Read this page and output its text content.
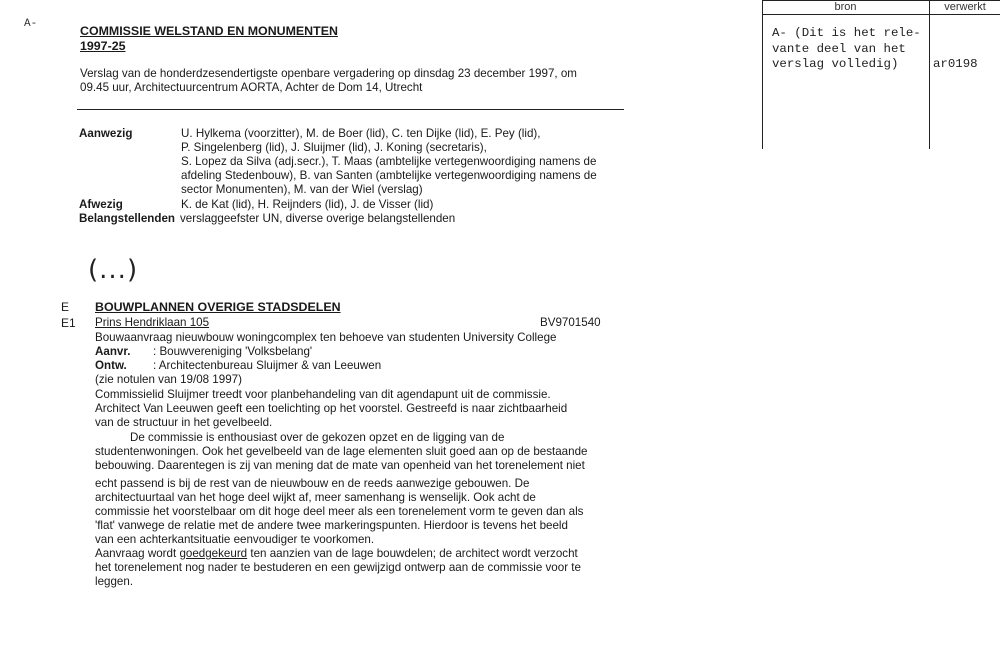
A-	COMMISSIE WELSTAND EN MONUMENTEN
1997-25
Verslag van de honderdzesendertigste openbare vergadering op dinsdag 23 december 1997, om
09.45 uur, Architectuurcentrum AORTA, Achter de Dom 14, Utrecht
Aanwezig	U. Hylkema (voorzitter), M. de Boer (lid), C. ten Dijke (lid), E. Pey (lid),
P. Singelenberg (lid), J. Sluijmer (lid), J. Koning (secretaris),
S. Lopez da Silva (adj.secr.), T. Maas (ambtelijke vertegenwoordiging namens de
afdeling Stedenbouw), B. van Santen (ambtelijke vertegenwoordiging namens de
sector Monumenten), M. van der Wiel (verslag)
Afwezig	K. de Kat (lid), H. Reijnders (lid), J. de Visser (lid)
Belangstellenden verslaggeefster UN, diverse overige belangstellenden
(...)
E BOUWPLANNEN OVERIGE STADSDELEN
E1 Prins Hendriklaan 105	BV9701540
Bouwaanvraag nieuwbouw woningcomplex ten behoeve van studenten University College
Aanvr. : Bouwvereniging 'Volksbelang'
Ontw. : Architectenbureau Sluijmer & van Leeuwen
(zie notulen van 19/08 1997)
Commissielid Sluijmer treedt voor planbehandeling van dit agendapunt uit de commissie.
Architect Van Leeuwen geeft een toelichting op het voorstel. Gestreefd is naar zichtbaarheid
van de structuur in het gevelbeeld.
De commissie is enthousiast over de gekozen opzet en de ligging van de
studentenwoningen. Ook het gevelbeeld van de lage elementen sluit goed aan op de bestaande
bebouwing. Daarentegen is zij van mening dat de mate van openheid van het torenelement niet
echt passend is bij de rest van de nieuwbouw en de reeds aanwezige gebouwen. De
architectuurtaal van het hoge deel wijkt af, meer samenhang is wenselijk. Ook acht de
commissie het voorstelbaar om dit hoge deel meer als een torenelement vorm te geven dan als
'flat' vanwege de relatie met de andere twee markeringspunten. Hierdoor is tevens het beeld
van een achterkantsituatie eenvoudiger te voorkomen.
Aanvraag wordt goedgekeurd ten aanzien van de lage bouwdelen; de architect wordt verzocht
het torenelement nog nader te bestuderen en een gewijzigd ontwerp aan de commissie voor te
leggen.
bron	verwerkt
A- (Dit is het rele-
vante deel van het
verslag volledig)	ar0198
